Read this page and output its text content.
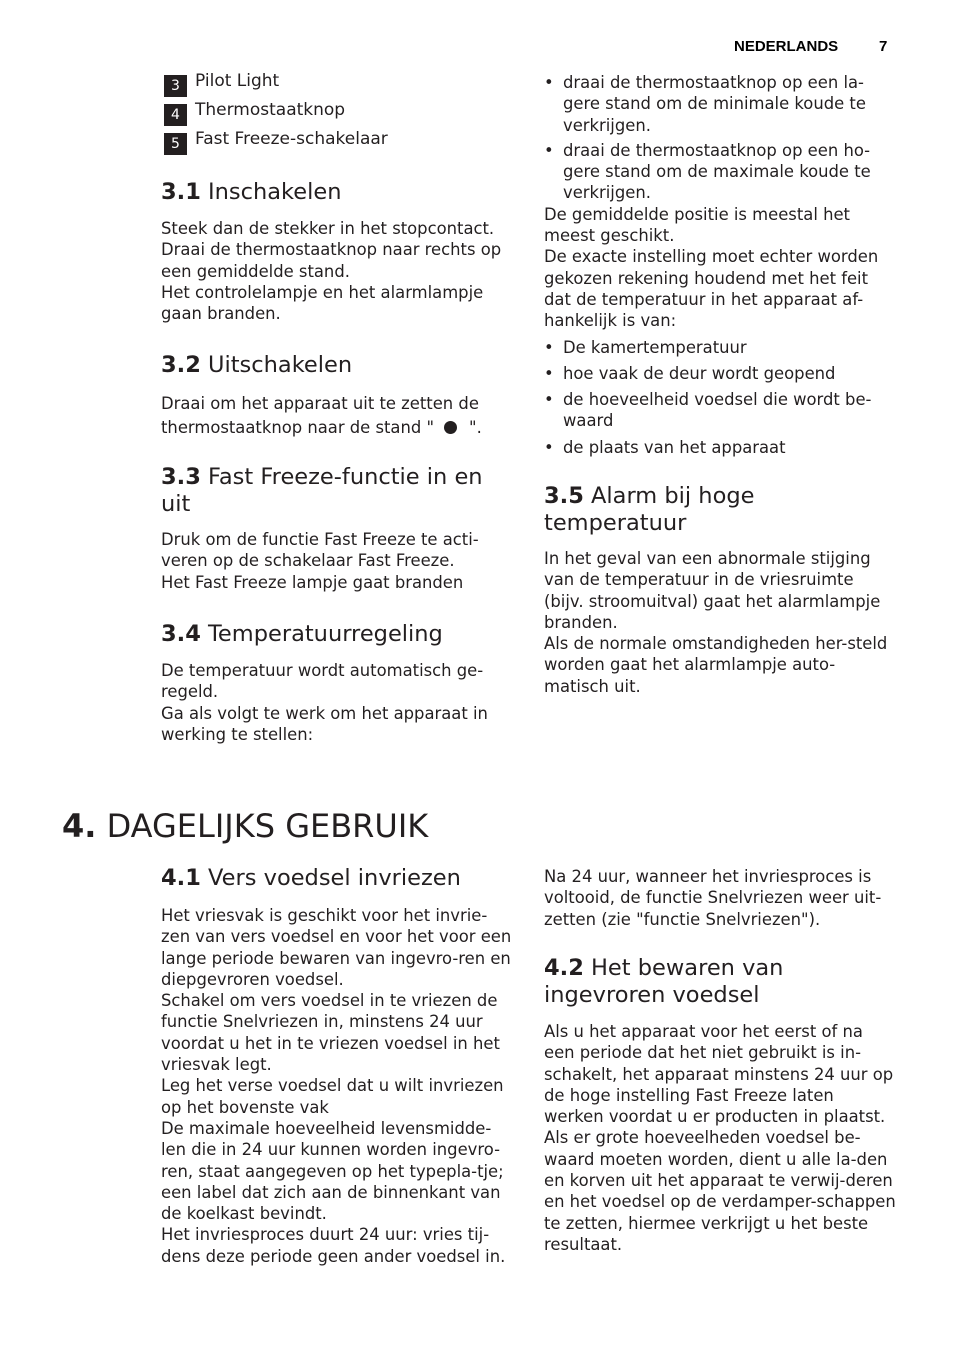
NEDERLANDS	7
3 Pilot Light
4 Thermostaatknop
5 Fast Freeze-schakelaar
3.1 Inschakelen

Steek dan de stekker in het stopcontact. Draai de thermostaatknop naar rechts op een gemiddelde stand.

Het controlelampje en het alarmlampje gaan branden.

3.2 Uitschakelen

Draai om het apparaat uit te zetten de thermostaatknop naar de stand " ".

3.3 Fast Freeze-functie in en uit

Druk om de functie Fast Freeze te acti-veren op de schakelaar Fast Freeze.

Het Fast Freeze lampje gaat branden

3.4 Temperatuurregeling

De temperatuur wordt automatisch ge-regeld.

Ga als volgt te werk om het apparaat in werking te stellen:

• draai de thermostaatknop op een la-gere stand om de minimale koude te verkrijgen.
• draai de thermostaatknop op een ho-gere stand om de maximale koude te verkrijgen.

De gemiddelde positie is meestal het meest geschikt.

De exacte instelling moet echter worden gekozen rekening houdend met het feit dat de temperatuur in het apparaat af-hankelijk is van:

• De kamertemperatuur
• hoe vaak de deur wordt geopend
• de hoeveelheid voedsel die wordt be-waard
• de plaats van het apparaat
3.5 Alarm bij hoge temperatuur

In het geval van een abnormale stijging van de temperatuur in de vriesruimte (bijv. stroomuitval) gaat het alarmlampje branden.

Als de normale omstandigheden her-steld worden gaat het alarmlampje auto-matisch uit.

4. DAGELIJKS GEBRUIK
4.1 Vers voedsel invriezen

Het vriesvak is geschikt voor het invrie-zen van vers voedsel en voor het voor een lange periode bewaren van ingevro-ren en diepgevroren voedsel.

Schakel om vers voedsel in te vriezen de functie Snelvriezen in, minstens 24 uur voordat u het in te vriezen voedsel in het vriesvak legt.

Leg het verse voedsel dat u wilt invriezen op het bovenste vak

De maximale hoeveelheid levensmidde-len die in 24 uur kunnen worden ingevro-ren, staat aangegeven op het typepla-tje; een label dat zich aan de binnenkant van de koelkast bevindt.

Het invriesproces duurt 24 uur: vries tij-dens deze periode geen ander voedsel in.

Na 24 uur, wanneer het invriesproces is voltooid, de functie Snelvriezen weer uit-zetten (zie "functie Snelvriezen").

4.2 Het bewaren van ingevroren voedsel

Als u het apparaat voor het eerst of na een periode dat het niet gebruikt is in-schakelt, het apparaat minstens 24 uur op de hoge instelling Fast Freeze laten werken voordat u er producten in plaatst.

Als er grote hoeveelheden voedsel be-waard moeten worden, dient u alle la-den en korven uit het apparaat te verwij-deren en het voedsel op de verdamper-schappen te zetten, hiermee verkrijgt u het beste resultaat.
